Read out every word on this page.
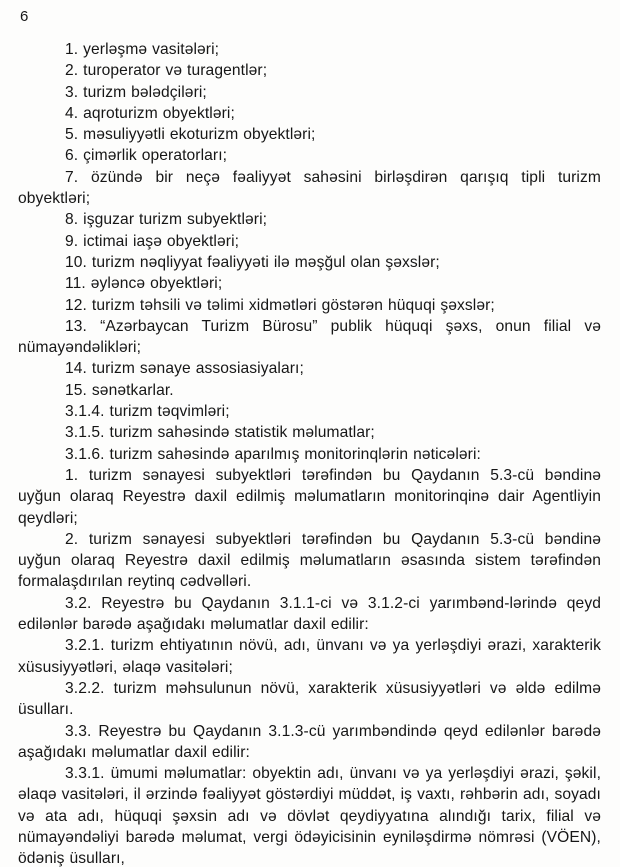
6

1. yerləşmə vasitələri;

2. turoperator və turagentlər;

3. turizm bələdçiləri;

4. aqroturizm obyektləri;

5. məsuliyyətli ekoturizm obyektləri;

6. çimərlik operatorları;

7. özündə bir neçə fəaliyyət sahəsini birləşdirən qarışıq tipli turizm obyektləri;

8. işguzar turizm subyektləri;

9. ictimai iaşə obyektləri;

10. turizm nəqliyyat fəaliyyəti ilə məşğul olan şəxslər;

11. əyləncə obyektləri;

12. turizm təhsili və təlimi xidmətləri göstərən hüquqi şəxslər;

13. “Azərbaycan Turizm Bürosu” publik hüquqi şəxs, onun filial və nümayəndəlikləri;

14. turizm sənaye assosiasiyaları;

15. sənətkarlar.

3.1.4. turizm təqvimləri;

3.1.5. turizm sahəsində statistik məlumatlar;

3.1.6. turizm sahəsində aparılmış monitorinqlərin nəticələri:

1. turizm sənayesi subyektləri tərəfindən bu Qaydanın 5.3-cü bəndinə uyğun olaraq Reyestrə daxil edilmiş məlumatların monitorinqinə dair Agentliyin qeydləri;

2. turizm sənayesi subyektləri tərəfindən bu Qaydanın 5.3-cü bəndinə uyğun olaraq Reyestrə daxil edilmiş məlumatların əsasında sistem tərəfindən formalaşdırılan reytinq cədvəlləri.

3.2. Reyestrə bu Qaydanın 3.1.1-ci və 3.1.2-ci yarımbənd-lərində qeyd edilənlər barədə aşağıdakı məlumatlar daxil edilir:

3.2.1. turizm ehtiyatının növü, adı, ünvanı və ya yerləşdiyi ərazi, xarakterik xüsusiyyətləri, əlaqə vasitələri;

3.2.2. turizm məhsulunun növü, xarakterik xüsusiyyətləri və əldə edilmə üsulları.

3.3. Reyestrə bu Qaydanın 3.1.3-cü yarımbəndində qeyd edilənlər barədə aşağıdakı məlumatlar daxil edilir:

3.3.1. ümumi məlumatlar: obyektin adı, ünvanı və ya yerləşdiyi ərazi, şəkil, əlaqə vasitələri, il ərzində fəaliyyət göstərdiyi müddət, iş vaxtı, rəhbərin adı, soyadı və ata adı, hüquqi şəxsin adı və dövlət qeydiyyatına alındığı tarix, filial və nümayəndəliyi barədə məlumat, vergi ödəyicisinin eyniləşdirmə nömrəsi (VÖEN), ödəniş üsulları,
